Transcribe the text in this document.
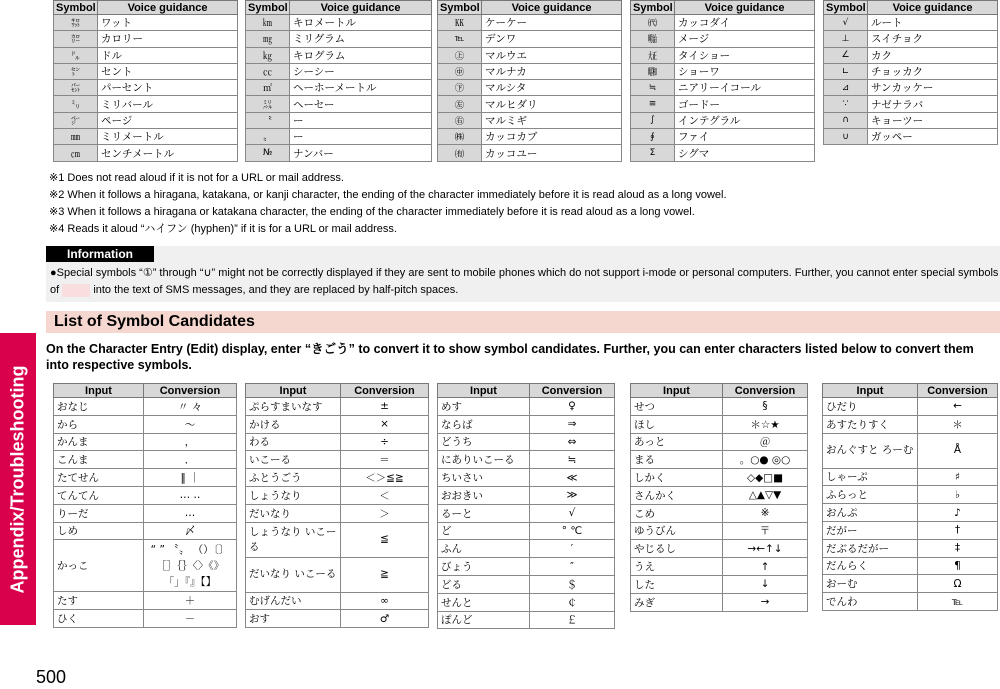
Appendix/Troubleshooting
500
Symbol	Voice guidance
㌗	ワット
㌍	カロリー
㌦	ドル
㌣	セント
㌫	パーセント
㍉	ミリバール
㌻	ページ
㎜	ミリメートル
㎝	センチメートル
Symbol	Voice guidance
㎞	キロメートル
㎎	ミリグラム
㎏	キログラム
㏄	シーシー
㎡	ヘーホーメートル
㍊	ヘーセー
〝	ー
〟	ー
№	ナンバー
Symbol	Voice guidance
㏍	ケーケー
℡	デンワ
㊤	マルウエ
㊥	マルナカ
㊦	マルシタ
㊧	マルヒダリ
㊨	マルミギ
㈱	カッコカブ
㈲	カッコユー
Symbol	Voice guidance
㈹	カッコダイ
㍾	メージ
㍽	タイショー
㍼	ショーワ
≒	ニアリーイコール
≡	ゴードー
∫	インテグラル
∮	ファイ
Σ	シグマ
Symbol	Voice guidance
√	ルート
⊥	スイチョク
∠	カク
∟	チョッカク
⊿	サンカッケー
∵	ナゼナラバ
∩	キョーツー
∪	ガッペー
※1 Does not read aloud if it is not for a URL or mail address.
※2 When it follows a hiragana, katakana, or kanji character, the ending of the character immediately before it is read aloud as a long vowel.
※3 When it follows a hiragana or katakana character, the ending of the character immediately before it is read aloud as a long vowel.
※4 Reads it aloud “ハイフン (hyphen)” if it is for a URL or mail address.
Information
●Special symbols “①” through “∪” might not be correctly displayed if they are sent to mobile phones which do not support i-mode or personal computers. Further, you cannot enter special symbols of	into the text of SMS messages, and they are replaced by half-pitch spaces.
List of Symbol Candidates
On the Character Entry (Edit) display, enter “きごう” to convert it to show symbol candidates. Further, you can enter characters listed below to convert them into respective symbols.
Input	Conversion
おなじ	〃 々
から	～
かんま	，
こんま	．
たてせん	‖ ｜
てんてん	… ‥
りーだ	…
しめ	〆
かっこ	“ ” 〝〟 （）〔〕 ［］｛｝〈〉《》 「」『』【】
たす	＋
ひく	－
Input	Conversion
ぷらすまいなす	±
かける	×
わる	÷
いこーる	＝
ふとうごう	＜＞≦≧
しょうなり	＜
だいなり	＞
しょうなり いこーる	≦
だいなり いこーる	≧
むげんだい	∞
おす	♂
Input	Conversion
めす	♀
ならば	⇒
どうち	⇔
にありいこーる	≒
ちいさい	≪
おおきい	≫
るーと	√
ど	° ℃
ふん	′
びょう	″
どる	＄
せんと	￠
ぽんど	￡
Input	Conversion
せつ	§
ほし	＊☆★
あっと	＠
まる	。○● ◎○
しかく	◇◆□■
さんかく	△▲▽▼
こめ	※
ゆうびん	〒
やじるし	→←↑↓
うえ	↑
した	↓
みぎ	→
Input	Conversion
ひだり	←
あすたりすく	＊
おんぐすと ろーむ	Å
しゃーぷ	♯
ふらっと	♭
おんぷ	♪
だがー	†
だぶるだがー	‡
だんらく	¶
おーむ	Ω
でんわ	℡
